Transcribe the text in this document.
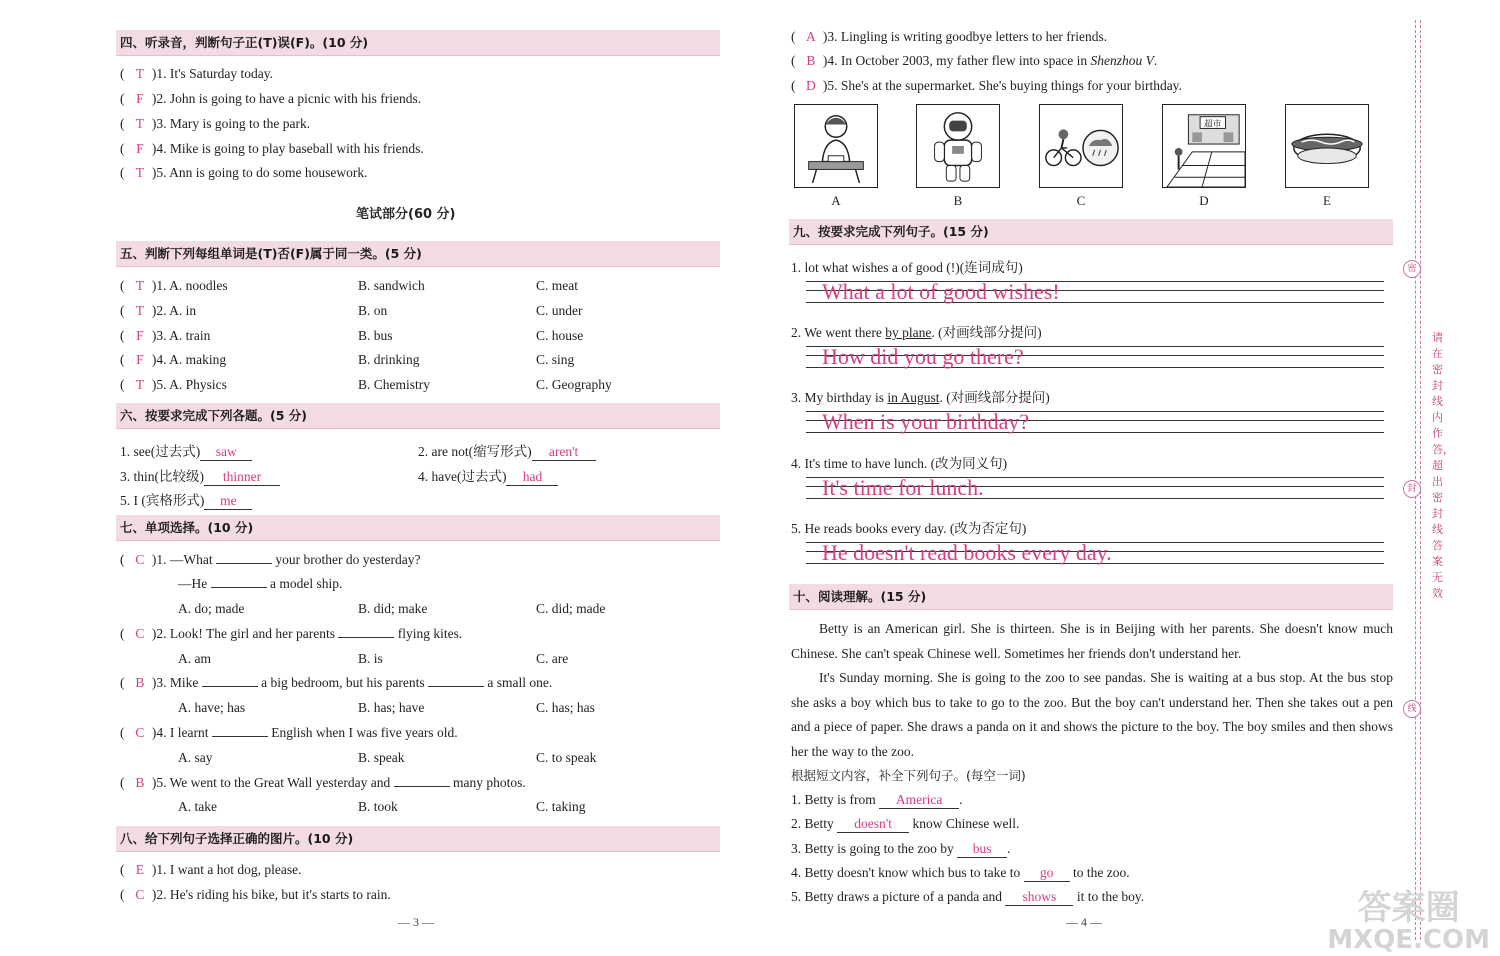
四、听录音，判断句子正(T)误(F)。(10 分)
( T )1. It's Saturday today.
( F )2. John is going to have a picnic with his friends.
( T )3. Mary is going to the park.
( F )4. Mike is going to play baseball with his friends.
( T )5. Ann is going to do some housework.
笔试部分(60 分)
五、判断下列每组单词是(T)否(F)属于同一类。(5 分)
( T )1. A. noodles	B. sandwich	C. meat
( T )2. A. in	B. on	C. under
( F )3. A. train	B. bus	C. house
( F )4. A. making	B. drinking	C. sing
( T )5. A. Physics	B. Chemistry	C. Geography
六、按要求完成下列各题。(5 分)
1. see(过去式) saw	2. are not(缩写形式) aren't
3. thin(比较级) thinner	4. have(过去式) had
5. I (宾格形式) me
七、单项选择。(10 分)
( C )1. —What	your brother do yesterday?
—He	a model ship.
A. do; made	B. did; make	C. did; made
( C )2. Look! The girl and her parents	flying kites.
A. am	B. is	C. are
( B )3. Mike	a big bedroom, but his parents	a small one.
A. have; has	B. has; have	C. has; has
( C )4. I learnt	English when I was five years old.
A. say	B. speak	C. to speak
( B )5. We went to the Great Wall yesterday and	many photos.
A. take	B. took	C. taking
八、给下列句子选择正确的图片。(10 分)
( E )1. I want a hot dog, please.
( C )2. He's riding his bike, but it's starts to rain.
— 3 —
( A )3. Lingling is writing goodbye letters to her friends.
( B )4. In October 2003, my father flew into space in Shenzhou V.
( D )5. She's at the supermarket. She's buying things for your birthday.
A	B	C
超市
D	E
九、按要求完成下列句子。(15 分)
1. lot what wishes a of good (!)(连词成句)
What a lot of good wishes!
2. We went there by plane. (对画线部分提问)
How did you go there?
3. My birthday is in August. (对画线部分提问)
When is your birthday?
4. It's time to have lunch. (改为同义句)
It's time for lunch.
5. He reads books every day. (改为否定句)
He doesn't read books every day.
十、阅读理解。(15 分)
Betty is an American girl. She is thirteen. She is in Beijing with her parents. She doesn't know much Chinese. She can't speak Chinese well. Sometimes her friends don't understand her.
It's Sunday morning. She is going to the zoo to see pandas. She is waiting at a bus stop. At the bus stop she asks a boy which bus to take to go to the zoo. But the boy can't understand her. Then she takes out a pen and a piece of paper. She draws a panda on it and shows the picture to the boy. The boy smiles and then shows her the way to the zoo.
根据短文内容，补全下列句子。(每空一词)
1. Betty is from America .
2. Betty doesn't know Chinese well.
3. Betty is going to the zoo by bus .
4. Betty doesn't know which bus to take to go to the zoo.
5. Betty draws a picture of a panda and shows it to the boy.
— 4 —
密
封
线
请在密封线内作答，超出密封线答案无效
答案圈
MXQE.COM
